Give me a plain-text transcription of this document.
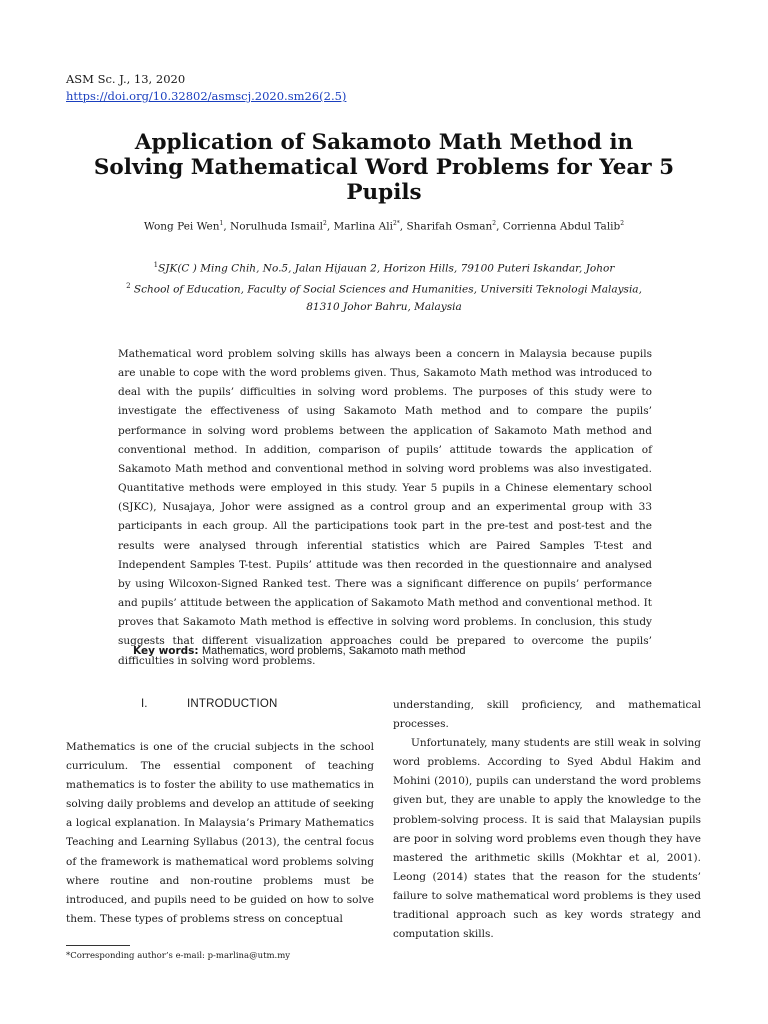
ASM Sc. J., 13, 2020
https://doi.org/10.32802/asmscj.2020.sm26(2.5)
Application of Sakamoto Math Method in Solving Mathematical Word Problems for Year 5 Pupils
Wong Pei Wen$^1$, Norulhuda Ismail$^2$, Marlina Ali$^{2*}$, Sharifah Osman$^2$, Corrienna Abdul Talib$^2$
$^1$SJK(C ) Ming Chih, No.5, Jalan Hijauan 2, Horizon Hills, 79100 Puteri Iskandar, Johor
$^2$ School of Education, Faculty of Social Sciences and Humanities, Universiti Teknologi Malaysia,
81310 Johor Bahru, Malaysia
Mathematical word problem solving skills has always been a concern in Malaysia because pupils are unable to cope with the word problems given. Thus, Sakamoto Math method was introduced to deal with the pupils’ difficulties in solving word problems. The purposes of this study were to investigate the effectiveness of using Sakamoto Math method and to compare the pupils’ performance in solving word problems between the application of Sakamoto Math method and conventional method. In addition, comparison of pupils’ attitude towards the application of Sakamoto Math method and conventional method in solving word problems was also investigated. Quantitative methods were employed in this study. Year 5 pupils in a Chinese elementary school (SJKC), Nusajaya, Johor were assigned as a control group and an experimental group with 33 participants in each group. All the participations took part in the pre-test and post-test and the results were analysed through inferential statistics which are Paired Samples T-test and Independent Samples T-test. Pupils’ attitude was then recorded in the questionnaire and analysed by using Wilcoxon-Signed Ranked test. There was a significant difference on pupils’ performance and pupils’ attitude between the application of Sakamoto Math method and conventional method. It proves that Sakamoto Math method is effective in solving word problems. In conclusion, this study suggests that different visualization approaches could be prepared to overcome the pupils’ difficulties in solving word problems.
Key words: Mathematics, word problems, Sakamoto math method
I.	INTRODUCTION

Mathematics is one of the crucial subjects in the school curriculum. The essential component of teaching mathematics is to foster the ability to use mathematics in solving daily problems and develop an attitude of seeking a logical explanation. In Malaysia’s Primary Mathematics Teaching and Learning Syllabus (2013), the central focus of the framework is mathematical word problems solving where routine and non-routine problems must be introduced, and pupils need to be guided on how to solve them. These types of problems stress on conceptual

understanding, skill proficiency, and mathematical processes.

Unfortunately, many students are still weak in solving word problems. According to Syed Abdul Hakim and Mohini (2010), pupils can understand the word problems given but, they are unable to apply the knowledge to the problem-solving process. It is said that Malaysian pupils are poor in solving word problems even though they have mastered the arithmetic skills (Mokhtar et al, 2001). Leong (2014) states that the reason for the students’ failure to solve mathematical word problems is they used traditional approach such as key words strategy and computation skills.

*Corresponding author’s e-mail: p-marlina@utm.my
